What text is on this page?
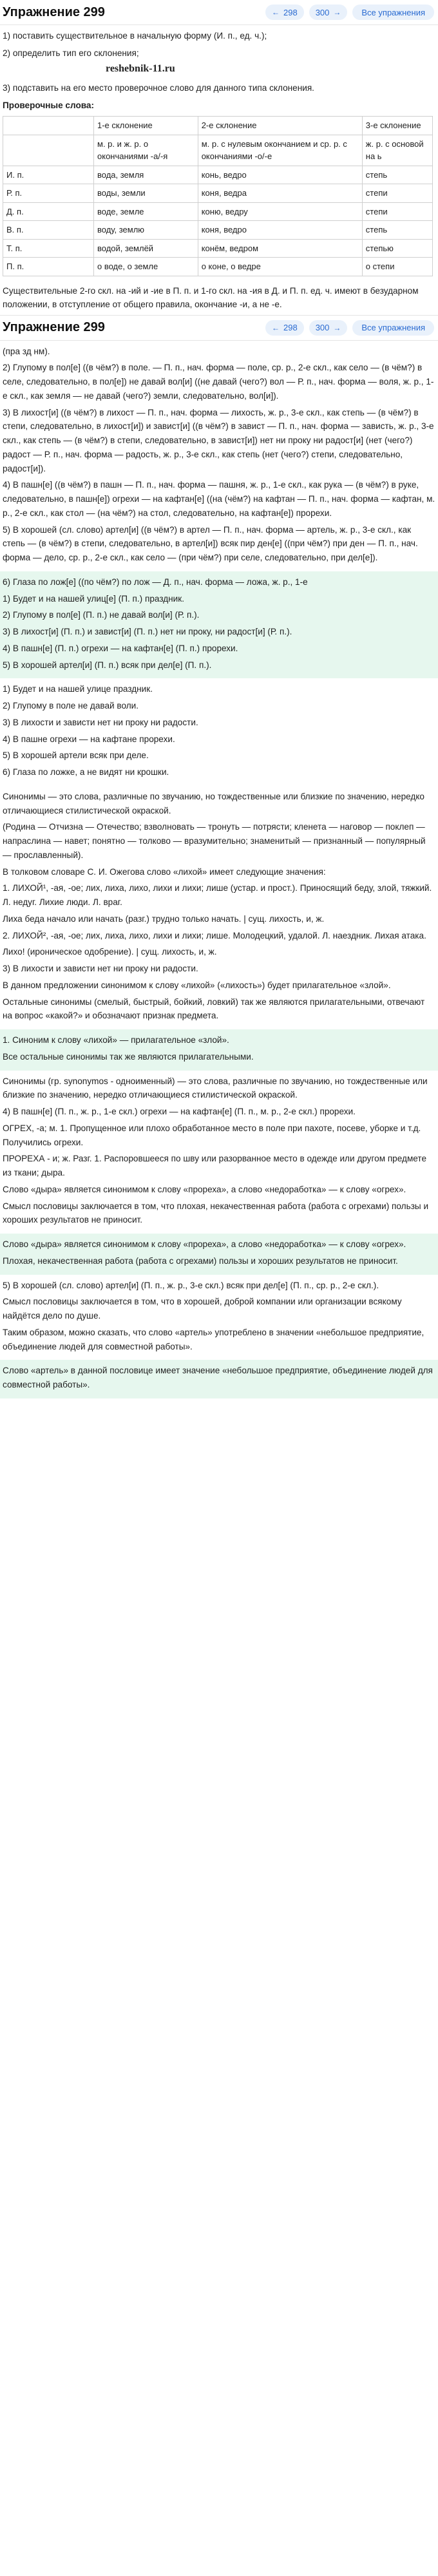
Упражнение 299	← 298 300 →	Все упражнения

1) поставить существительное в начальную форму (И. п., ед. ч.);

2) определить тип его склонения;

reshebnik-11.ru

3) подставить на его место проверочное слово для данного типа склонения.

Проверочные слова:

	1-е склонение	2-е склонение	3-е склонение
	м. р. и ж. р. о окончаниями -а/-я	м. р. с нулевым окончанием и ср. р. с окончаниями -о/-е	ж. р. с основой на ь
И. п.	вода, земля	конь, ведро	степь
Р. п.	воды, земли	коня, ведра	степи
Д. п.	воде, земле	коню, ведру	степи
В. п.	воду, землю	коня, ведро	степь
Т. п.	водой, землёй	конём, ведром	степью
П. п.	о воде, о земле	о коне, о ведре	о степи

Существительные 2-го скл. на -ий и -ие в П. п. и 1-го скл. на -ия в Д. и П. п. ед. ч. имеют в безударном положении, в отступление от общего правила, окончание -и, а не -е.

Упражнение 299	← 298 300 →	Все упражнения

(пра зд нм).

2) Глупому в пол[е] ((в чём?) в поле. — П. п., нач. форма — поле, ср. р., 2-е скл., как село — (в чём?) в селе, следовательно, в пол[е]) не давай вол[и] ((не давай (чего?) вол — Р. п., нач. форма — воля, ж. р., 1-е скл., как земля — не давай (чего?) земли, следовательно, вол[и]).

3) В лихост[и] ((в чём?) в лихост — П. п., нач. форма — лихость, ж. р., 3-е скл., как степь — (в чём?) в степи, следовательно, в лихост[и]) и завист[и] ((в чём?) в завист — П. п., нач. форма — зависть, ж. р., 3-е скл., как степь — (в чём?) в степи, следовательно, в завист[и]) нет ни проку ни радост[и] (нет (чего?) радост — Р. п., нач. форма — радость, ж. р., 3-е скл., как степь (нет (чего?) степи, следовательно, радост[и]).

4) В пашн[е] ((в чём?) в пашн — П. п., нач. форма — пашня, ж. р., 1-е скл., как рука — (в чём?) в руке, следовательно, в пашн[е]) огрехи — на кафтан[е] ((на (чём?) на кафтан — П. п., нач. форма — кафтан, м. р., 2-е скл., как стол — (на чём?) на стол, следовательно, на кафтан[е]) прорехи.

5) В хорошей (сл. слово) артел[и] ((в чём?) в артел — П. п., нач. форма — артель, ж. р., 3-е скл., как степь — (в чём?) в степи, следовательно, в артел[и]) всяк пир ден[е] ((при чём?) при ден — П. п., нач. форма — дело, ср. р., 2-е скл., как село — (при чём?) при селе, следовательно, при дел[е]).

6) Глаза по лож[е] ((по чём?) по лож — Д. п., нач. форма — ложа, ж. р., 1-е

1) Будет и на нашей улиц[е] (П. п.) праздник.

2) Глупому в пол[е] (П. п.) не давай вол[и] (Р. п.).

3) В лихост[и] (П. п.) и завист[и] (П. п.) нет ни проку, ни радост[и] (Р. п.).

4) В пашн[е] (П. п.) огрехи — на кафтан[е] (П. п.) прорехи.

5) В хорошей артел[и] (П. п.) всяк при дел[е] (П. п.).

1) Будет и на нашей улице праздник.

2) Глупому в поле не давай воли.

3) В лихости и зависти нет ни проку ни радости.

4) В пашне огрехи — на кафтане прорехи.

5) В хорошей артели всяк при деле.

6) Глаза по ложке, а не видят ни крошки.

Синонимы — это слова, различные по звучанию, но тождественные или близкие по значению, нередко отличающиеся стилистической окраской.

(Родина — Отчизна — Отечество; взволновать — тронуть — потрясти; кленета — наговор — поклеп — напраслина — навет; понятно — толково — вразумительно; знаменитый — признанный — популярный — прославленный).

В толковом словаре С. И. Ожегова слово «лихой» имеет следующие значения:

1. ЛИХОЙ¹, -ая, -ое; лих, лиха, лихо, лихи и лихи; лише (устар. и прост.). Приносящий беду, злой, тяжкий. Л. недуг. Лихие люди. Л. враг.

Лиха беда начало или начать (разг.) трудно только начать. | сущ. лихость, и, ж.

2. ЛИХОЙ², -ая, -ое; лих, лиха, лихо, лихи и лихи; лише. Молодецкий, удалой. Л. наездник. Лихая атака.

Лихо! (ироническое одобрение). | сущ. лихость, и, ж.

3) В лихости и зависти нет ни проку ни радости.

В данном предложении синонимом к слову «лихой» («лихость») будет прилагательное «злой».

Остальные синонимы (смелый, быстрый, бойкий, ловкий) так же являются прилагательными, отвечают на вопрос «какой?» и обозначают признак предмета.

1. Синоним к слову «лихой» — прилагательное «злой».

Все остальные синонимы так же являются прилагательными.

Синонимы (гр. synonymos - одноименный) — это слова, различные по звучанию, но тождественные или близкие по значению, нередко отличающиеся стилистической окраской.

4) В пашн[е] (П. п., ж. р., 1-е скл.) огрехи — на кафтан[е] (П. п., м. р., 2-е скл.) прорехи.

ОГРЕХ, -а; м. 1. Пропущенное или плохо обработанное место в поле при пахоте, посеве, уборке и т.д. Получились огрехи.

ПРОРЕХА - и; ж. Разг. 1. Распоровшееся по шву или разорванное место в одежде или другом предмете из ткани; дыра.

Слово «дыра» является синонимом к слову «прореха», а слово «недоработка» — к слову «огрех».

Смысл пословицы заключается в том, что плохая, некачественная работа (работа с огрехами) пользы и хороших результатов не приносит.

Слово «дыра» является синонимом к слову «прореха», а слово «недоработка» — к слову «огрех».

Плохая, некачественная работа (работа с огрехами) пользы и хороших результатов не приносит.

5) В хорошей (сл. слово) артел[и] (П. п., ж. р., 3-е скл.) всяк при дел[е] (П. п., ср. р., 2-е скл.).

Смысл пословицы заключается в том, что в хорошей, доброй компании или организации всякому найдётся дело по душе.

Таким образом, можно сказать, что слово «артель» употреблено в значении «небольшое предприятие, объединение людей для совместной работы».

Слово «артель» в данной пословице имеет значение «небольшое предприятие, объединение людей для совместной работы».
